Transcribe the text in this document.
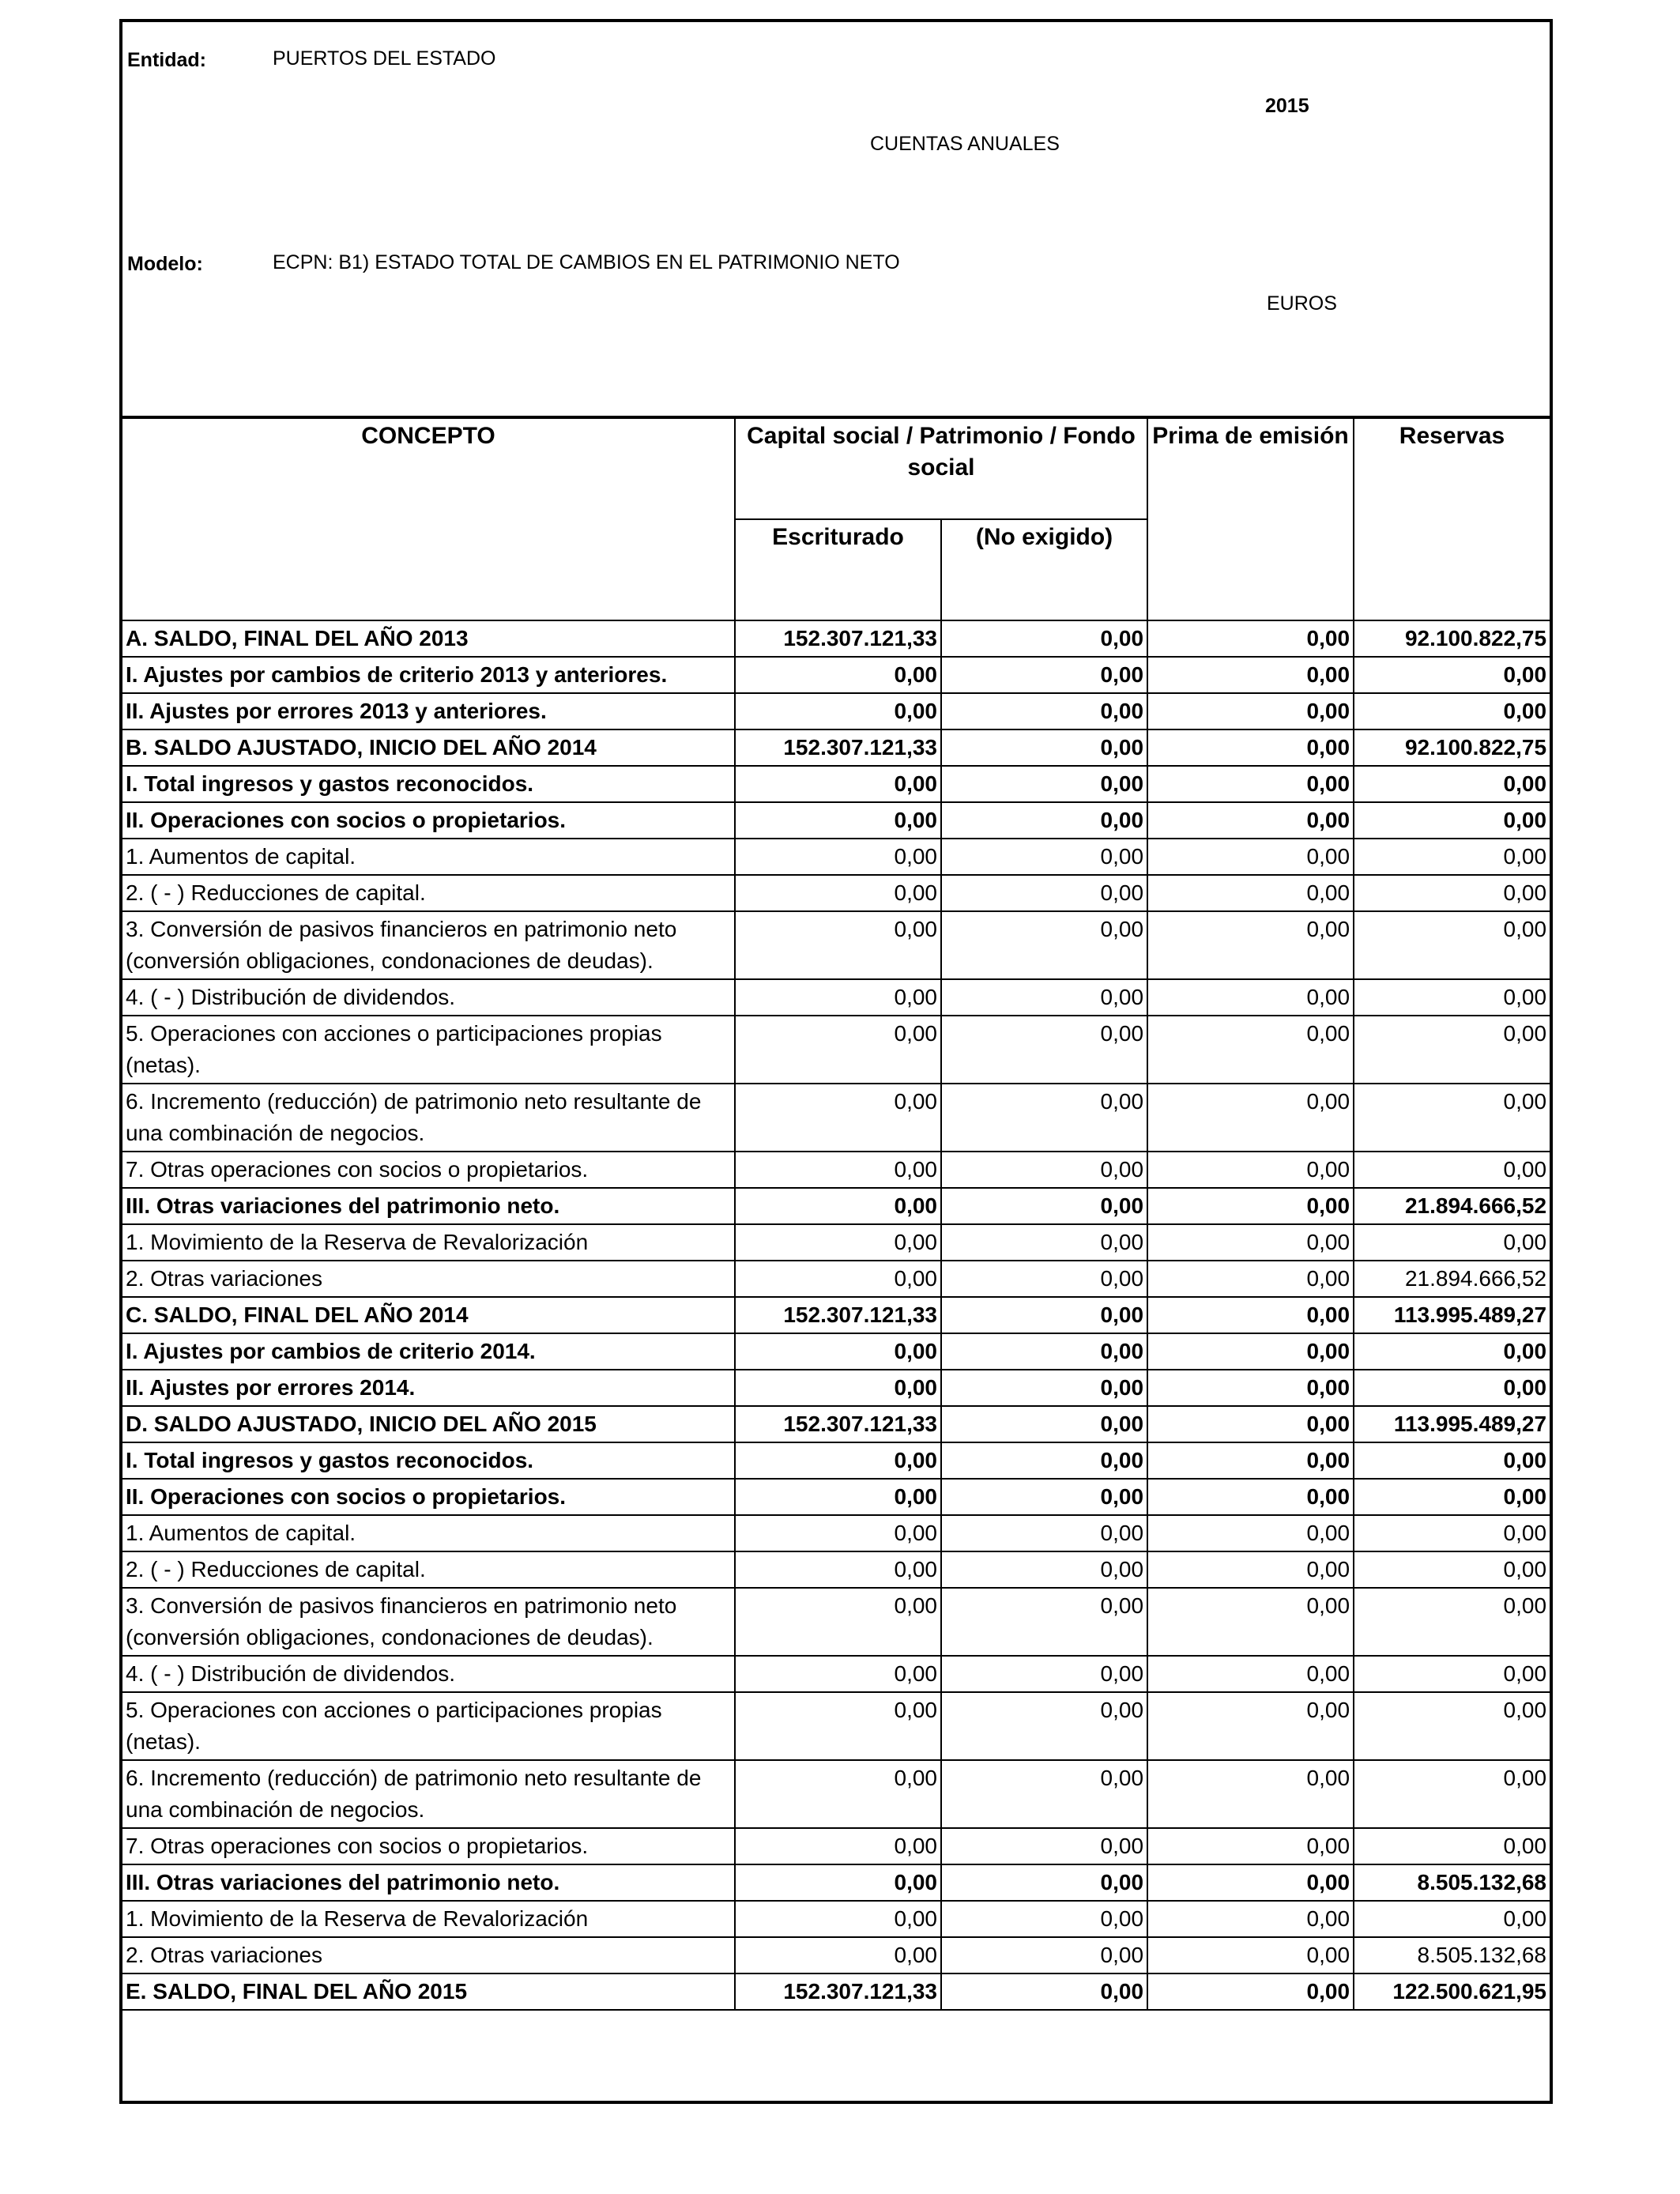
Entidad:	PUERTOS DEL ESTADO
2015
CUENTAS ANUALES
Modelo:	ECPN: B1) ESTADO TOTAL DE CAMBIOS EN EL PATRIMONIO NETO
EUROS
CONCEPTO	Capital social / Patrimonio / Fondo social		Prima de emisión	Reservas
	Escriturado	(No exigido)		
A. SALDO, FINAL DEL AÑO 2013	152.307.121,33	0,00	0,00	92.100.822,75
I. Ajustes por cambios de criterio 2013 y anteriores.	0,00	0,00	0,00	0,00
II. Ajustes por errores 2013 y anteriores.	0,00	0,00	0,00	0,00
B. SALDO AJUSTADO, INICIO DEL AÑO 2014	152.307.121,33	0,00	0,00	92.100.822,75
I. Total ingresos y gastos reconocidos.	0,00	0,00	0,00	0,00
II. Operaciones con socios o propietarios.	0,00	0,00	0,00	0,00
1. Aumentos de capital.	0,00	0,00	0,00	0,00
2. ( - ) Reducciones de capital.	0,00	0,00	0,00	0,00
3. Conversión de pasivos financieros en patrimonio neto (conversión obligaciones, condonaciones de deudas).	0,00	0,00	0,00	0,00
4. ( - ) Distribución de dividendos.	0,00	0,00	0,00	0,00
5. Operaciones con acciones o participaciones propias (netas).	0,00	0,00	0,00	0,00
6. Incremento (reducción) de patrimonio neto resultante de una combinación de negocios.	0,00	0,00	0,00	0,00
7. Otras operaciones con socios o propietarios.	0,00	0,00	0,00	0,00
III. Otras variaciones del patrimonio neto.	0,00	0,00	0,00	21.894.666,52
1. Movimiento de la Reserva de Revalorización	0,00	0,00	0,00	0,00
2. Otras variaciones	0,00	0,00	0,00	21.894.666,52
C. SALDO, FINAL DEL AÑO 2014	152.307.121,33	0,00	0,00	113.995.489,27
I. Ajustes por cambios de criterio 2014.	0,00	0,00	0,00	0,00
II. Ajustes por errores 2014.	0,00	0,00	0,00	0,00
D. SALDO AJUSTADO, INICIO DEL AÑO 2015	152.307.121,33	0,00	0,00	113.995.489,27
I. Total ingresos y gastos reconocidos.	0,00	0,00	0,00	0,00
II. Operaciones con socios o propietarios.	0,00	0,00	0,00	0,00
1. Aumentos de capital.	0,00	0,00	0,00	0,00
2. ( - ) Reducciones de capital.	0,00	0,00	0,00	0,00
3. Conversión de pasivos financieros en patrimonio neto (conversión obligaciones, condonaciones de deudas).	0,00	0,00	0,00	0,00
4. ( - ) Distribución de dividendos.	0,00	0,00	0,00	0,00
5. Operaciones con acciones o participaciones propias (netas).	0,00	0,00	0,00	0,00
6. Incremento (reducción) de patrimonio neto resultante de una combinación de negocios.	0,00	0,00	0,00	0,00
7. Otras operaciones con socios o propietarios.	0,00	0,00	0,00	0,00
III. Otras variaciones del patrimonio neto.	0,00	0,00	0,00	8.505.132,68
1. Movimiento de la Reserva de Revalorización	0,00	0,00	0,00	0,00
2. Otras variaciones	0,00	0,00	0,00	8.505.132,68
E. SALDO, FINAL DEL AÑO 2015	152.307.121,33	0,00	0,00	122.500.621,95
